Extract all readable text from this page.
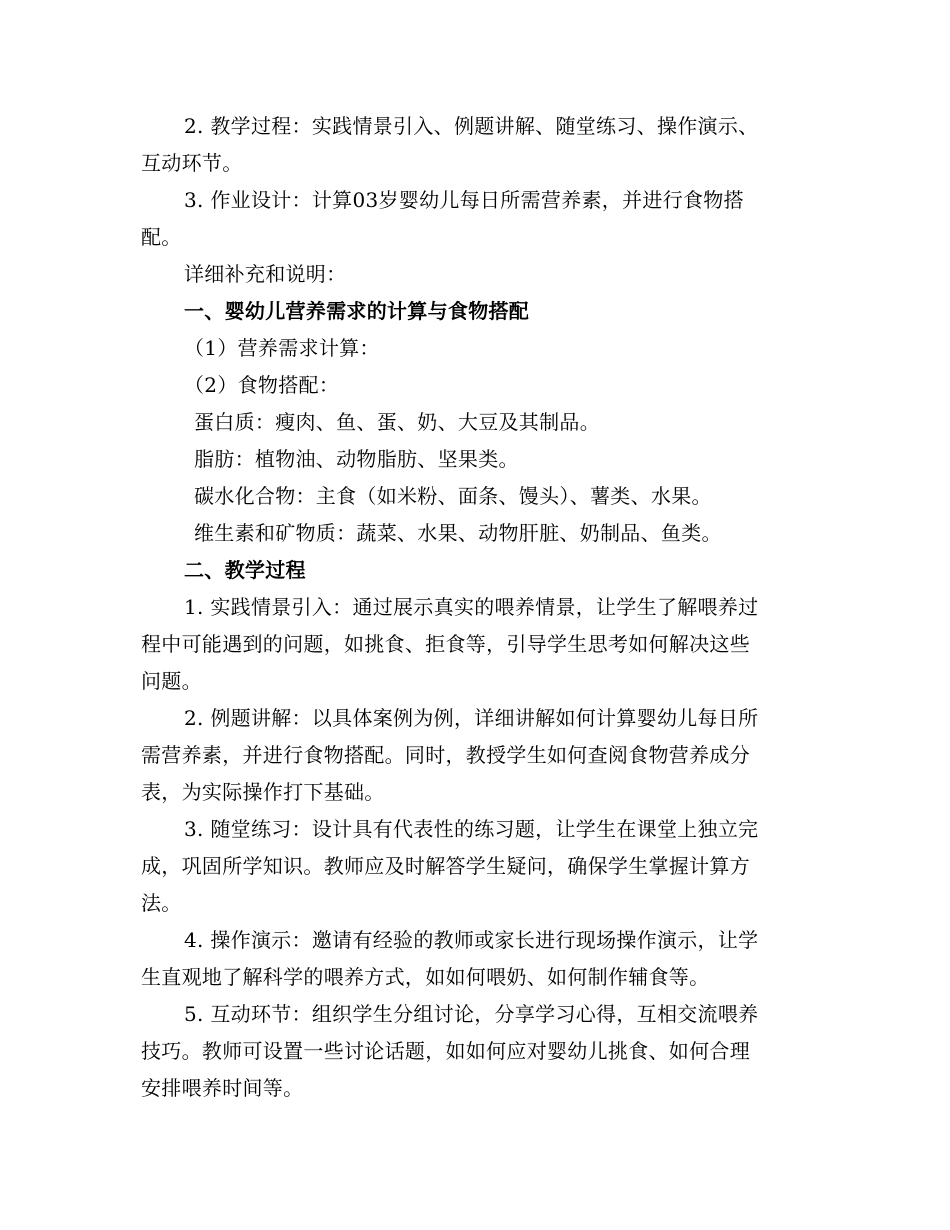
2. 教学过程：实践情景引入、例题讲解、随堂练习、操作演示、
互动环节。
3. 作业设计：计算03岁婴幼儿每日所需营养素，并进行食物搭
配。
详细补充和说明：
一、婴幼儿营养需求的计算与食物搭配
（1）营养需求计算：
（2）食物搭配：
蛋白质：瘦肉、鱼、蛋、奶、大豆及其制品。
脂肪：植物油、动物脂肪、坚果类。
碳水化合物：主食（如米粉、面条、馒头）、薯类、水果。
维生素和矿物质：蔬菜、水果、动物肝脏、奶制品、鱼类。
二、教学过程
1. 实践情景引入：通过展示真实的喂养情景，让学生了解喂养过
程中可能遇到的问题，如挑食、拒食等，引导学生思考如何解决这些
问题。
2. 例题讲解：以具体案例为例，详细讲解如何计算婴幼儿每日所
需营养素，并进行食物搭配。同时，教授学生如何查阅食物营养成分
表，为实际操作打下基础。
3. 随堂练习：设计具有代表性的练习题，让学生在课堂上独立完
成，巩固所学知识。教师应及时解答学生疑问，确保学生掌握计算方
法。
4. 操作演示：邀请有经验的教师或家长进行现场操作演示，让学
生直观地了解科学的喂养方式，如如何喂奶、如何制作辅食等。
5. 互动环节：组织学生分组讨论，分享学习心得，互相交流喂养
技巧。教师可设置一些讨论话题，如如何应对婴幼儿挑食、如何合理
安排喂养时间等。
